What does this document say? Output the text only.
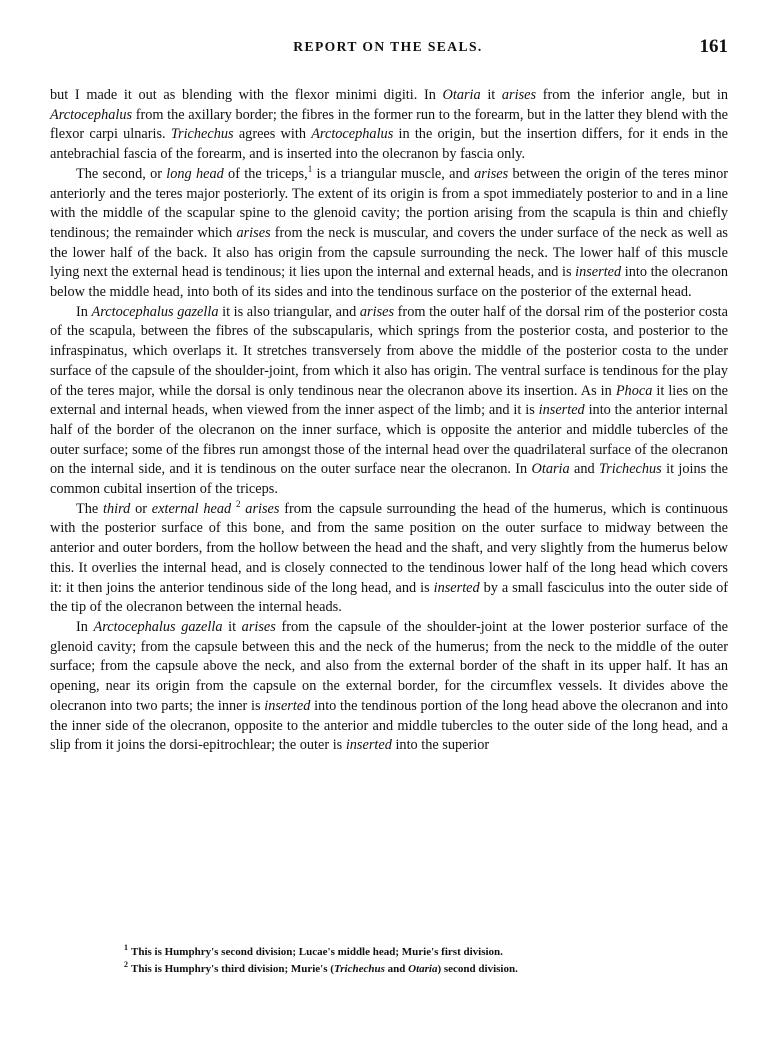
REPORT ON THE SEALS.	161

but I made it out as blending with the flexor minimi digiti. In Otaria it arises from the inferior angle, but in Arctocephalus from the axillary border; the fibres in the former run to the forearm, but in the latter they blend with the flexor carpi ulnaris. Trichechus agrees with Arctocephalus in the origin, but the insertion differs, for it ends in the antebrachial fascia of the forearm, and is inserted into the olecranon by fascia only.

The second, or long head of the triceps,$^1$ is a triangular muscle, and arises between the origin of the teres minor anteriorly and the teres major posteriorly. The extent of its origin is from a spot immediately posterior to and in a line with the middle of the scapular spine to the glenoid cavity; the portion arising from the scapula is thin and chiefly tendinous; the remainder which arises from the neck is muscular, and covers the under surface of the neck as well as the lower half of the back. It also has origin from the capsule surrounding the neck. The lower half of this muscle lying next the external head is tendinous; it lies upon the internal and external heads, and is inserted into the olecranon below the middle head, into both of its sides and into the tendinous surface on the posterior of the external head.

In Arctocephalus gazella it is also triangular, and arises from the outer half of the dorsal rim of the posterior costa of the scapula, between the fibres of the subscapularis, which springs from the posterior costa, and posterior to the infraspinatus, which overlaps it. It stretches transversely from above the middle of the posterior costa to the under surface of the capsule of the shoulder-joint, from which it also has origin. The ventral surface is tendinous for the play of the teres major, while the dorsal is only tendinous near the olecranon above its insertion. As in Phoca it lies on the external and internal heads, when viewed from the inner aspect of the limb; and it is inserted into the anterior internal half of the border of the olecranon on the inner surface, which is opposite the anterior and middle tubercles of the outer surface; some of the fibres run amongst those of the internal head over the quadrilateral surface of the olecranon on the internal side, and it is tendinous on the outer surface near the olecranon. In Otaria and Trichechus it joins the common cubital insertion of the triceps.

The third or external head $^2$ arises from the capsule surrounding the head of the humerus, which is continuous with the posterior surface of this bone, and from the same position on the outer surface to midway between the anterior and outer borders, from the hollow between the head and the shaft, and very slightly from the humerus below this. It overlies the internal head, and is closely connected to the tendinous lower half of the long head which covers it: it then joins the anterior tendinous side of the long head, and is inserted by a small fasciculus into the outer side of the tip of the olecranon between the internal heads.

In Arctocephalus gazella it arises from the capsule of the shoulder-joint at the lower posterior surface of the glenoid cavity; from the capsule between this and the neck of the humerus; from the neck to the middle of the outer surface; from the capsule above the neck, and also from the external border of the shaft in its upper half. It has an opening, near its origin from the capsule on the external border, for the circumflex vessels. It divides above the olecranon into two parts; the inner is inserted into the tendinous portion of the long head above the olecranon and into the inner side of the olecranon, opposite to the anterior and middle tubercles to the outer side of the long head, and a slip from it joins the dorsi-epitrochlear; the outer is inserted into the superior

$^1$ This is Humphry's second division; Lucae's middle head; Murie's first division.
$^2$ This is Humphry's third division; Murie's (Trichechus and Otaria) second division.
